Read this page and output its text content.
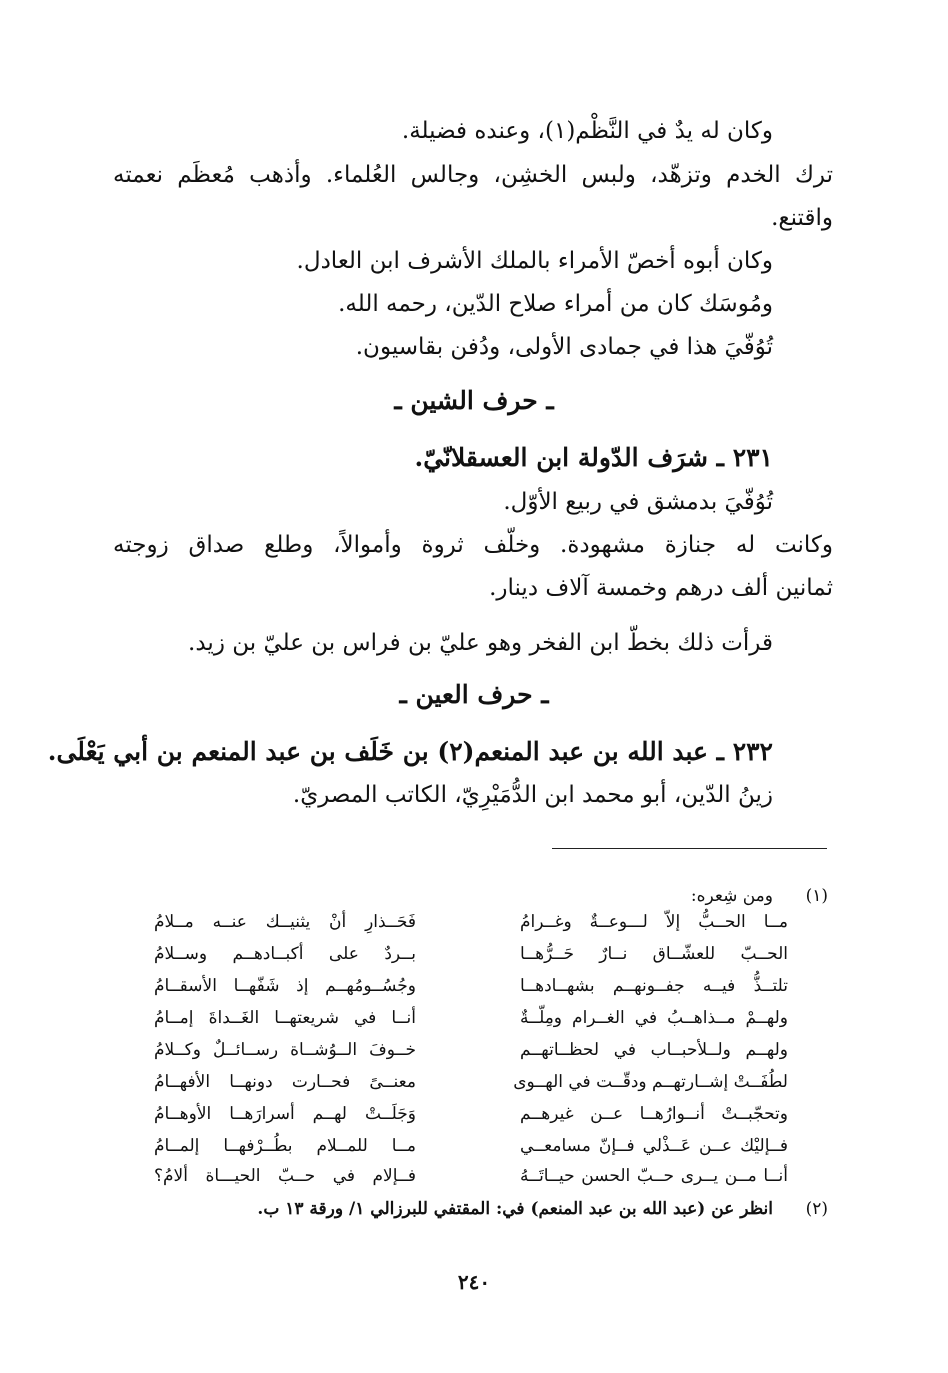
وكان له يدٌ في النَّظْم(١)، وعنده فضيلة.

ترك الخدم وتزهّد، ولبس الخشِن، وجالس العُلماء. وأذهب مُعظَم نعمته

واقتنع.

وكان أبوه أخصّ الأمراء بالملك الأشرف ابن العادل.

ومُوسَك كان من أمراء صلاح الدّين، رحمه الله.

تُوُفّيَ هذا في جمادى الأولى، ودُفن بقاسيون.

ـ حرف الشين ـ

٢٣١ ـ شرَف الدّولة ابن العسقلانّيّ.

تُوُفّيَ بدمشق في ربيع الأوّل.

وكانت له جنازة مشهودة. وخلّف ثروة وأموالاً، وطلع صداق زوجته

ثمانين ألف درهم وخمسة آلاف دينار.

قرأت ذلك بخطّ ابن الفخر وهو عليّ بن فراس بن عليّ بن زيد.

ـ حرف العين ـ

٢٣٢ ـ عبد الله بن عبد المنعم(٢) بن خَلَف بن عبد المنعم بن أبي يَعْلَى.

زينُ الدّين، أبو محمد ابن الدُّمَيْرِيّ، الكاتب المصريّ.

(١)
ومن شِعره:
مــا الحــبُّ إلاّ لـــوعــةٌ وغــرامُ
فَحَــذارِ أنْ يثنيــك عنــه مــلامُ
الحــبّ للعشّــاق نــارٌ حَــرُّهــا
بــردٌ على أكبــادهــم وســلامُ
تلتــذُّ فيــه جفــونهــم بشهــادهــا
وجُسُــومُهــم إذ شَفّهــا الأسقــامُ
ولهــمْ مــذاهــبُ في الغــرام ومِلّــةٌ
أنــا في شريعتهــا الغَــداةَ إمــامُ
ولهــم ولــلأحبــاب في لحظــاتهــم
خــوفَ الــوُشــاة رســائــلٌ وكــلامُ
لطُفَــتْ إشــارتهــم ودقّــت في الهــوى
معنــىً فحــارت دونهــا الأفهــامُ
وتحجّبــتْ أنــوارُهــا عــن غيرهــم
وَجَلَــتْ لهــم أسرارَهــا الأوهــامُ
فــإليْك عــن عَــذْلي فــإنّ مسامعــي
مــا للمــلام بطُــرْفهــا إلمــامُ
أنــا مــن يــرى حــبّ الحسن حيــاتَــهُ
فــإلام في حــبّ الحيـــاة ألامُ؟
(٢)
انظر عن (عبد الله بن عبد المنعم) في: المقتفي للبرزالي ١/ ورقة ١٣ ب.
٢٤٠
